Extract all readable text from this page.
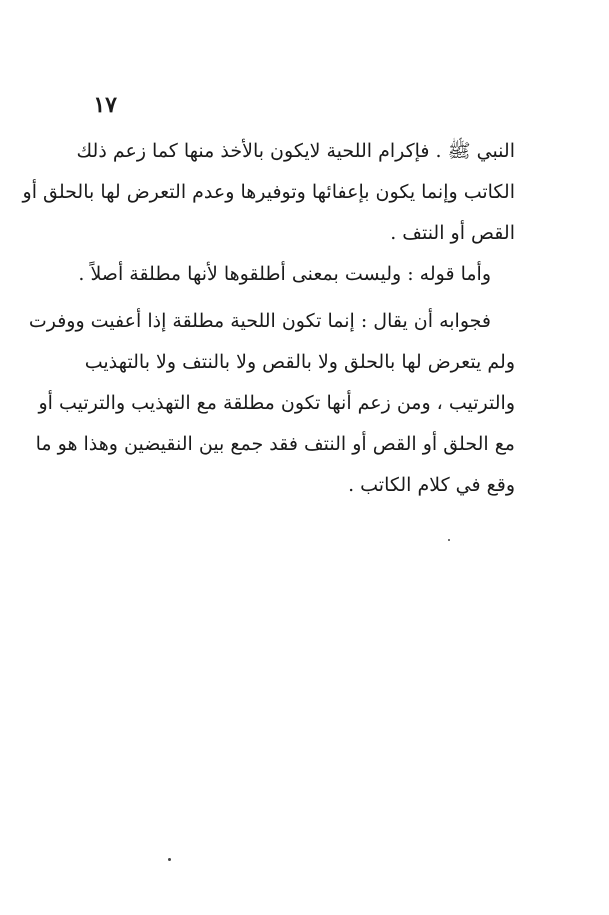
١٧
النبي ﷺ . فإكرام اللحية لايكون بالأخذ منها كما زعم ذلك
الكاتب وإنما يكون بإعفائها وتوفيرها وعدم التعرض لها بالحلق أو
القص أو النتف .
وأما قوله : وليست بمعنى أطلقوها لأنها مطلقة أصلاً .
فجوابه أن يقال : إنما تكون اللحية مطلقة إذا أعفيت ووفرت
ولم يتعرض لها بالحلق ولا بالقص ولا بالنتف ولا بالتهذيب
والترتيب ، ومن زعم أنها تكون مطلقة مع التهذيب والترتيب أو
مع الحلق أو القص أو النتف فقد جمع بين النقيضين وهذا هو ما
وقع في كلام الكاتب .
